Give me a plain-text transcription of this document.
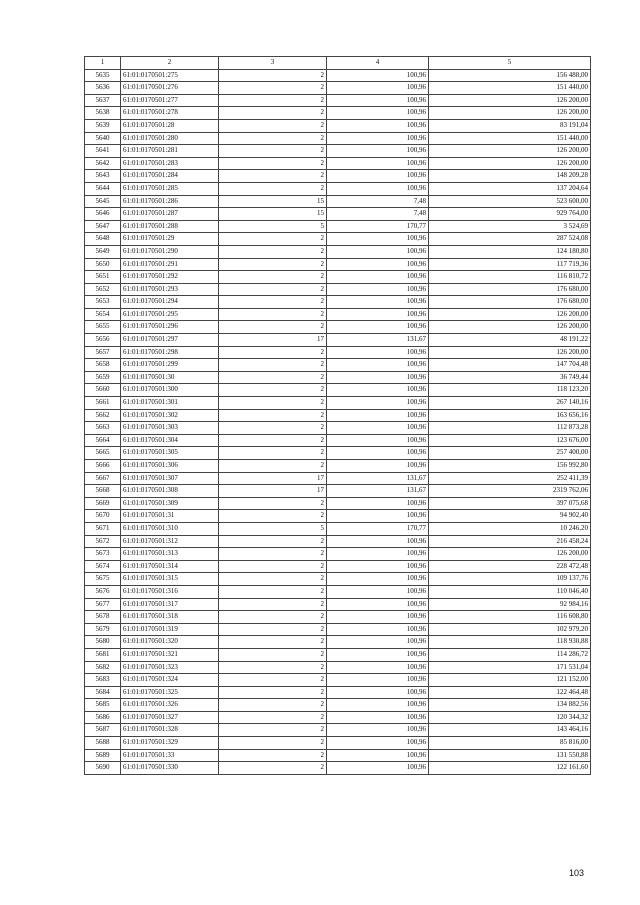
1	2	3	4	5
5635	61:01:0170501:275	2	100,96	156 488,00
5636	61:01:0170501:276	2	100,96	151 440,00
5637	61:01:0170501:277	2	100,96	126 200,00
5638	61:01:0170501:278	2	100,96	126 200,00
5639	61:01:0170501:28	2	100,96	83 191,04
5640	61:01:0170501:280	2	100,96	151 440,00
5641	61:01:0170501:281	2	100,96	126 200,00
5642	61:01:0170501:283	2	100,96	126 200,00
5643	61:01:0170501:284	2	100,96	148 209,28
5644	61:01:0170501:285	2	100,96	137 204,64
5645	61:01:0170501:286	15	7,48	523 600,00
5646	61:01:0170501:287	15	7,48	929 764,00
5647	61:01:0170501:288	5	170,77	3 524,69
5648	61:01:0170501:29	2	100,96	287 524,08
5649	61:01:0170501:290	2	100,96	124 180,80
5650	61:01:0170501:291	2	100,96	117 719,36
5651	61:01:0170501:292	2	100,96	116 810,72
5652	61:01:0170501:293	2	100,96	176 680,00
5653	61:01:0170501:294	2	100,96	176 680,00
5654	61:01:0170501:295	2	100,96	126 200,00
5655	61:01:0170501:296	2	100,96	126 200,00
5656	61:01:0170501:297	17	131,67	48 191,22
5657	61:01:0170501:298	2	100,96	126 200,00
5658	61:01:0170501:299	2	100,96	147 704,48
5659	61:01:0170501:30	2	100,96	36 749,44
5660	61:01:0170501:300	2	100,96	118 123,20
5661	61:01:0170501:301	2	100,96	267 140,16
5662	61:01:0170501:302	2	100,96	163 656,16
5663	61:01:0170501:303	2	100,96	112 873,28
5664	61:01:0170501:304	2	100,96	123 676,00
5665	61:01:0170501:305	2	100,96	257 400,00
5666	61:01:0170501:306	2	100,96	156 992,80
5667	61:01:0170501:307	17	131,67	252 411,39
5668	61:01:0170501:308	17	131,67	2319 762,06
5669	61:01:0170501:309	2	100,96	397 075,68
5670	61:01:0170501:31	2	100,96	94 902,40
5671	61:01:0170501:310	5	170,77	10 246,20
5672	61:01:0170501:312	2	100,96	216 458,24
5673	61:01:0170501:313	2	100,96	126 200,00
5674	61:01:0170501:314	2	100,96	228 472,48
5675	61:01:0170501:315	2	100,96	109 137,76
5676	61:01:0170501:316	2	100,96	110 046,40
5677	61:01:0170501:317	2	100,96	92 984,16
5678	61:01:0170501:318	2	100,96	116 608,80
5679	61:01:0170501:319	2	100,96	102 979,20
5680	61:01:0170501:320	2	100,96	118 930,88
5681	61:01:0170501:321	2	100,96	114 286,72
5682	61:01:0170501:323	2	100,96	171 531,04
5683	61:01:0170501:324	2	100,96	121 152,00
5684	61:01:0170501:325	2	100,96	122 464,48
5685	61:01:0170501:326	2	100,96	134 882,56
5686	61:01:0170501:327	2	100,96	120 344,32
5687	61:01:0170501:328	2	100,96	143 464,16
5688	61:01:0170501:329	2	100,96	85 816,00
5689	61:01:0170501:33	2	100,96	131 550,88
5690	61:01:0170501:330	2	100,96	122 161,60
103
